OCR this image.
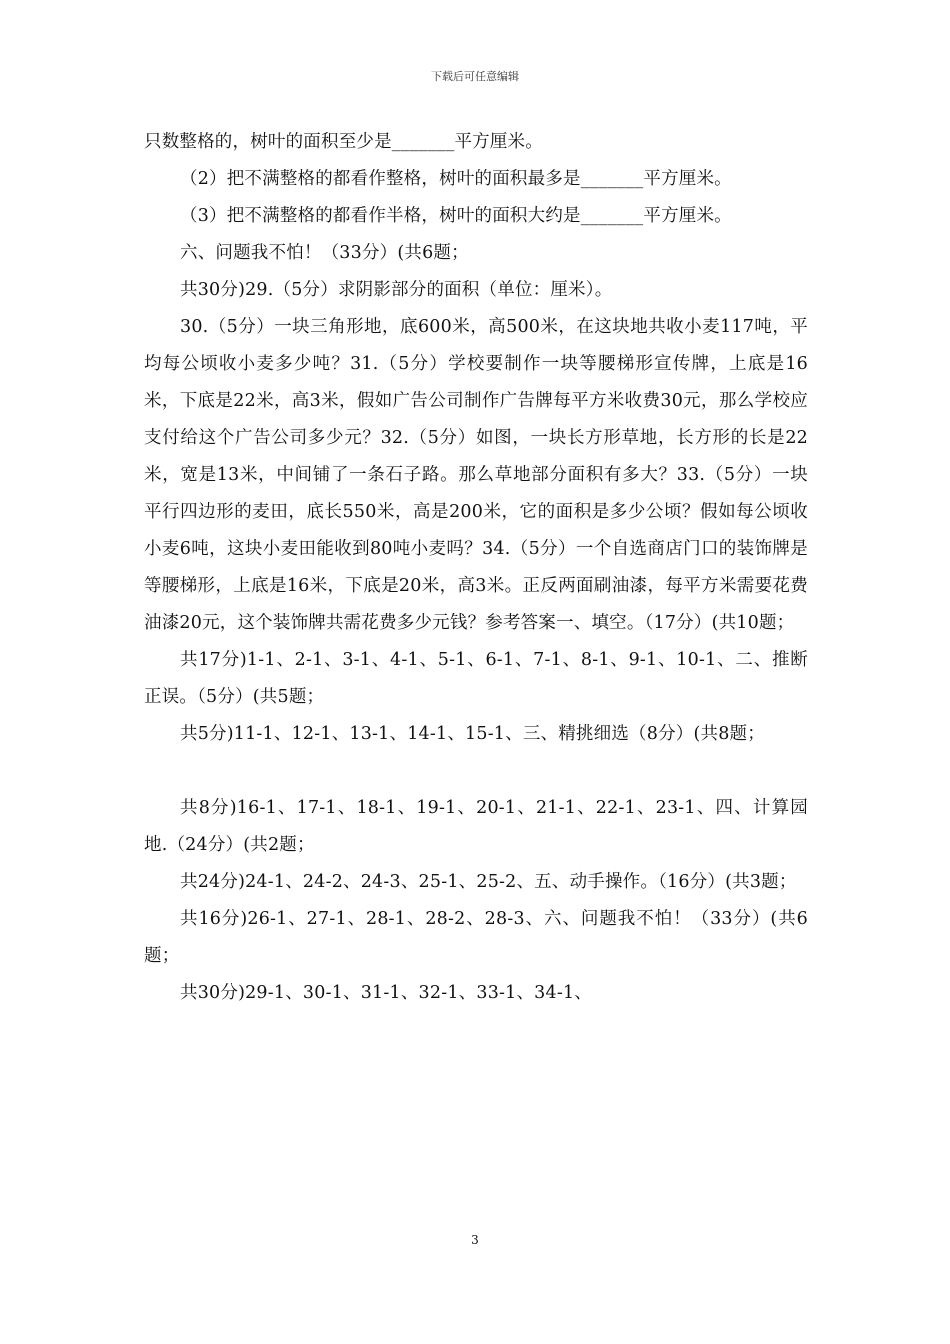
下载后可任意编辑

只数整格的，树叶的面积至少是_______平方厘米。

（2）把不满整格的都看作整格，树叶的面积最多是_______平方厘米。

（3）把不满整格的都看作半格，树叶的面积大约是_______平方厘米。

六、问题我不怕！（33分）(共6题；

共30分)29.（5分）求阴影部分的面积（单位：厘米）。

30.（5分）一块三角形地，底600米，高500米，在这块地共收小麦117吨，平均每公顷收小麦多少吨？31.（5分）学校要制作一块等腰梯形宣传牌，上底是16米，下底是22米，高3米，假如广告公司制作广告牌每平方米收费30元，那么学校应支付给这个广告公司多少元？32.（5分）如图，一块长方形草地，长方形的长是22米，宽是13米，中间铺了一条石子路。那么草地部分面积有多大？33.（5分）一块平行四边形的麦田，底长550米，高是200米，它的面积是多少公顷？假如每公顷收小麦6吨，这块小麦田能收到80吨小麦吗？34.（5分）一个自选商店门口的装饰牌是等腰梯形，上底是16米，下底是20米，高3米。正反两面刷油漆，每平方米需要花费油漆20元，这个装饰牌共需花费多少元钱？参考答案一、填空。（17分）(共10题；

共17分)1-1、2-1、3-1、4-1、5-1、6-1、7-1、8-1、9-1、10-1、二、推断正误。（5分）(共5题；

共5分)11-1、12-1、13-1、14-1、15-1、三、精挑细选（8分）(共8题；

共8分)16-1、17-1、18-1、19-1、20-1、21-1、22-1、23-1、四、计算园地.（24分）(共2题；

共24分)24-1、24-2、24-3、25-1、25-2、五、动手操作。（16分）(共3题；

共16分)26-1、27-1、28-1、28-2、28-3、六、问题我不怕！（33分）(共6题；

共30分)29-1、30-1、31-1、32-1、33-1、34-1、

3
